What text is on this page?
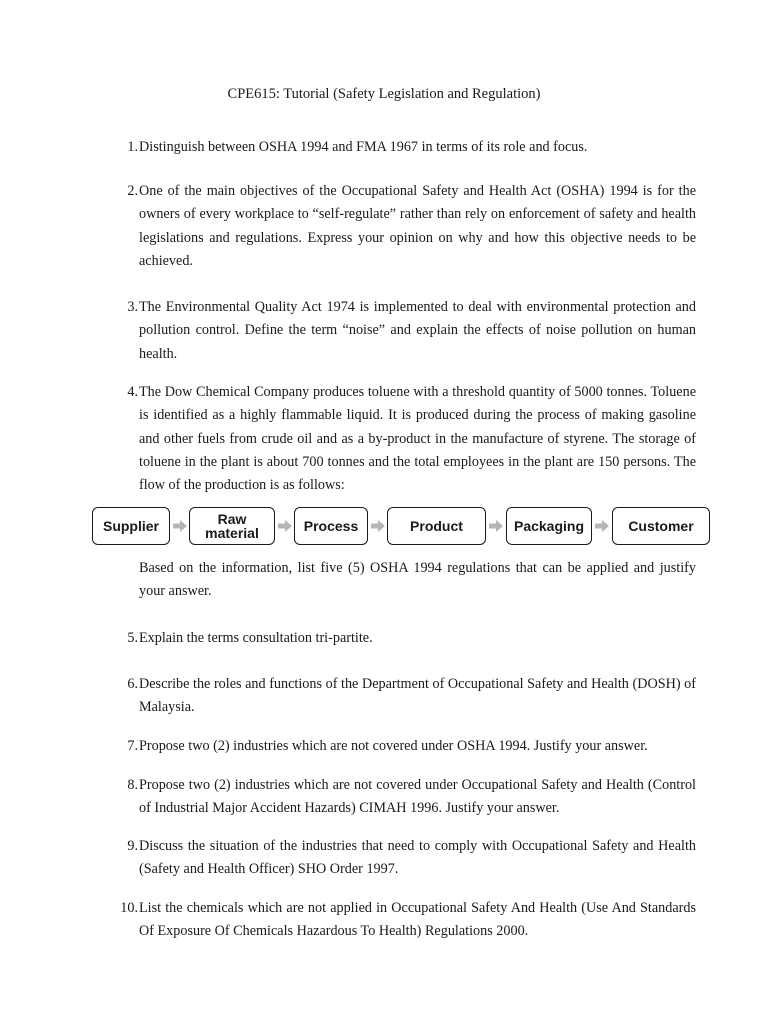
CPE615: Tutorial (Safety Legislation and Regulation)
1. Distinguish between OSHA 1994 and FMA 1967 in terms of its role and focus.
2. One of the main objectives of the Occupational Safety and Health Act (OSHA) 1994 is for the owners of every workplace to “self-regulate” rather than rely on enforcement of safety and health legislations and regulations. Express your opinion on why and how this objective needs to be achieved.
3. The Environmental Quality Act 1974 is implemented to deal with environmental protection and pollution control. Define the term “noise” and explain the effects of noise pollution on human health.
4. The Dow Chemical Company produces toluene with a threshold quantity of 5000 tonnes. Toluene is identified as a highly flammable liquid. It is produced during the process of making gasoline and other fuels from crude oil and as a by-product in the manufacture of styrene. The storage of toluene in the plant is about 700 tonnes and the total employees in the plant are 150 persons. The flow of the production is as follows:
Supplier	Raw
material	Process	Product	Packaging	Customer
Based on the information, list five (5) OSHA 1994 regulations that can be applied and justify your answer.
5. Explain the terms consultation tri-partite.
6. Describe the roles and functions of the Department of Occupational Safety and Health (DOSH) of Malaysia.
7. Propose two (2) industries which are not covered under OSHA 1994. Justify your answer.
8. Propose two (2) industries which are not covered under Occupational Safety and Health (Control of Industrial Major Accident Hazards) CIMAH 1996. Justify your answer.
9. Discuss the situation of the industries that need to comply with Occupational Safety and Health (Safety and Health Officer) SHO Order 1997.
10. List the chemicals which are not applied in Occupational Safety And Health (Use And Standards Of Exposure Of Chemicals Hazardous To Health) Regulations 2000.
